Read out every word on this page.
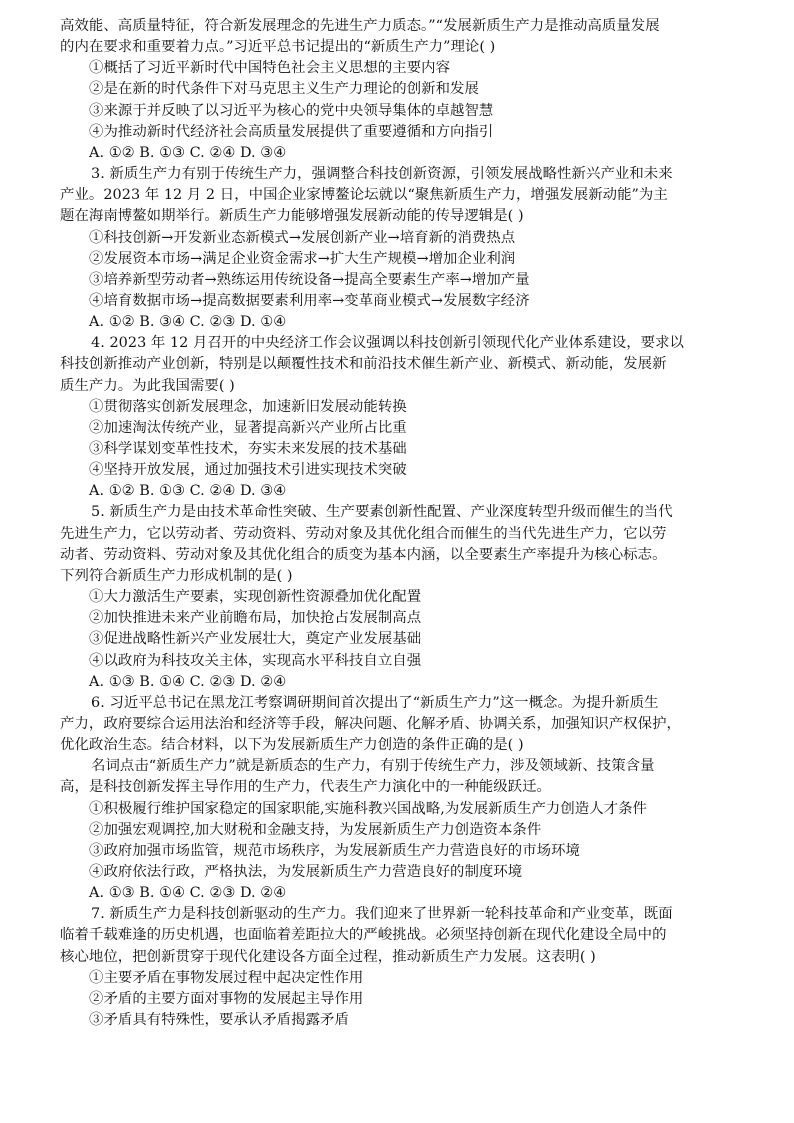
高效能、高质量特征，符合新发展理念的先进生产力质态。”“发展新质生产力是推动高质量发展
的内在要求和重要着力点。”习近平总书记提出的“新质生产力”理论( )
①概括了习近平新时代中国特色社会主义思想的主要内容
②是在新的时代条件下对马克思主义生产力理论的创新和发展
③来源于并反映了以习近平为核心的党中央领导集体的卓越智慧
④为推动新时代经济社会高质量发展提供了重要遵循和方向指引
A. ①② B. ①③ C. ②④ D. ③④
3. 新质生产力有别于传统生产力，强调整合科技创新资源，引领发展战略性新兴产业和未来
产业。2023 年 12 月 2 日，中国企业家博鳌论坛就以“聚焦新质生产力，增强发展新动能”为主
题在海南博鳌如期举行。新质生产力能够增强发展新动能的传导逻辑是( )
①科技创新→开发新业态新模式→发展创新产业→培育新的消费热点
②发展资本市场→满足企业资金需求→扩大生产规模→增加企业利润
③培养新型劳动者→熟练运用传统设备→提高全要素生产率→增加产量
④培育数据市场→提高数据要素利用率→变革商业模式→发展数字经济
A. ①② B. ③④ C. ②③ D. ①④
4. 2023 年 12 月召开的中央经济工作会议强调以科技创新引领现代化产业体系建设，要求以
科技创新推动产业创新，特别是以颠覆性技术和前沿技术催生新产业、新模式、新动能，发展新
质生产力。为此我国需要( )
①贯彻落实创新发展理念，加速新旧发展动能转换
②加速淘汰传统产业，显著提高新兴产业所占比重
③科学谋划变革性技术，夯实未来发展的技术基础
④坚持开放发展，通过加强技术引进实现技术突破
A. ①② B. ①③ C. ②④ D. ③④
5. 新质生产力是由技术革命性突破、生产要素创新性配置、产业深度转型升级而催生的当代
先进生产力，它以劳动者、劳动资料、劳动对象及其优化组合而催生的当代先进生产力，它以劳
动者、劳动资料、劳动对象及其优化组合的质变为基本内涵，以全要素生产率提升为核心标志。
下列符合新质生产力形成机制的是( )
①大力激活生产要素，实现创新性资源叠加优化配置
②加快推进未来产业前瞻布局，加快抢占发展制高点
③促进战略性新兴产业发展壮大，奠定产业发展基础
④以政府为科技攻关主体，实现高水平科技自立自强
A. ①③ B. ①④ C. ②③ D. ②④
6. 习近平总书记在黑龙江考察调研期间首次提出了“新质生产力”这一概念。为提升新质生
产力，政府要综合运用法治和经济等手段，解决问题、化解矛盾、协调关系，加强知识产权保护，
优化政治生态。结合材料，以下为发展新质生产力创造的条件正确的是( )
名词点击“新质生产力”就是新质态的生产力，有别于传统生产力，涉及领域新、技策含量
高，是科技创新发挥主导作用的生产力，代表生产力演化中的一种能级跃迁。
①积极履行维护国家稳定的国家职能,实施科教兴国战略,为发展新质生产力创造人才条件
②加强宏观调控,加大财税和金融支持，为发展新质生产力创造资本条件
③政府加强市场监管，规范市场秩序，为发展新质生产力营造良好的市场环境
④政府依法行政，严格执法，为发展新质生产力营造良好的制度环境
A. ①③ B. ①④ C. ②③ D. ②④
7. 新质生产力是科技创新驱动的生产力。我们迎来了世界新一轮科技革命和产业变革，既面
临着千载难逢的历史机遇，也面临着差距拉大的严峻挑战。必须坚持创新在现代化建设全局中的
核心地位，把创新贯穿于现代化建设各方面全过程，推动新质生产力发展。这表明( )
①主要矛盾在事物发展过程中起决定性作用
②矛盾的主要方面对事物的发展起主导作用
③矛盾具有特殊性，要承认矛盾揭露矛盾
